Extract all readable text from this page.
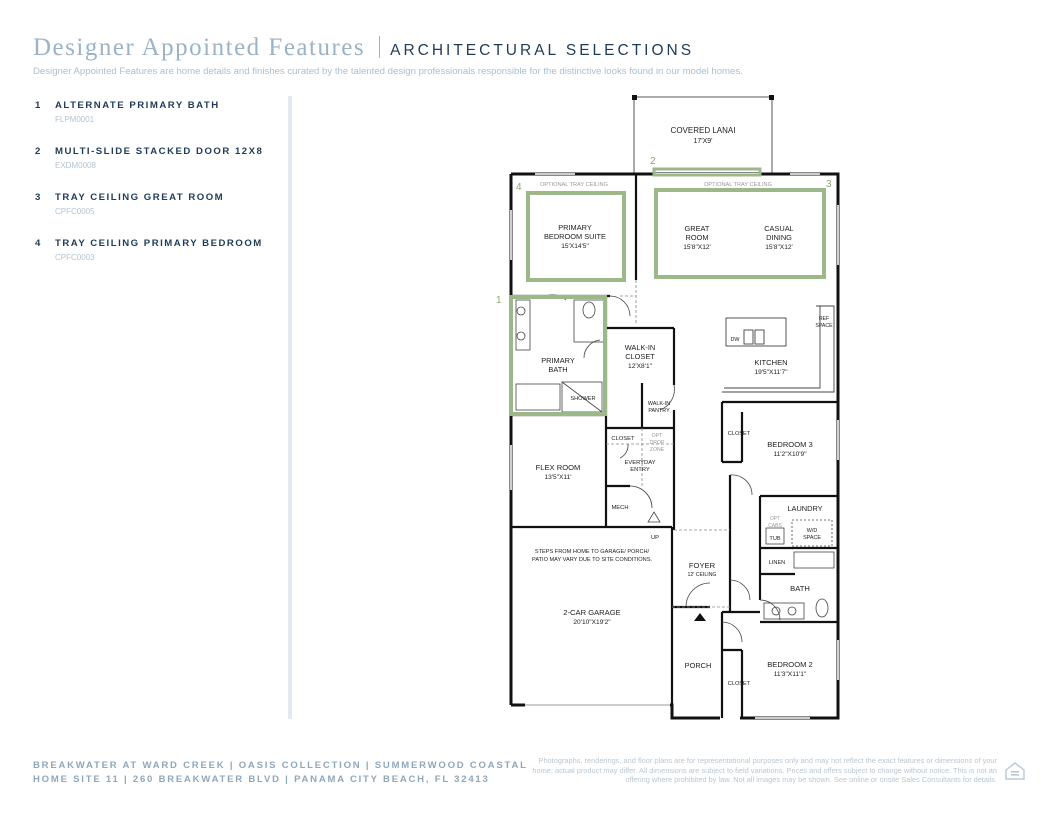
Designer Appointed Features ARCHITECTURAL SELECTIONS
Designer Appointed Features are home details and finishes curated by the talented design professionals responsible for the distinctive looks found in our model homes.
1 ALTERNATE PRIMARY BATH
FLPM0001
2 MULTI-SLIDE STACKED DOOR 12X8
EXDM0008
3 TRAY CEILING GREAT ROOM
CPFC0005
4 TRAY CEILING PRIMARY BEDROOM
CPFC0003
COVERED LANAI
17'X9'
1
2
3
4	OPTIONAL TRAY CEILING	OPTIONAL TRAY CEILING
PRIMARY
BEDROOM SUITE
15'X14'5"
GREAT
ROOM
15'8"X12'
CASUAL
DINING
15'8"X12'
REF
SPACE
DW
KITCHEN
19'5"X11'7"
PRIMARY
BATH
SHOWER
WALK-IN
CLOSET
12'X8'1"
WALK-IN
PANTRY
CLOSET	OPT
DROP
ZONE
EVERYDAY
ENTRY
FLEX ROOM
13'5"X11'
MECH
UP
BEDROOM 3
11'2"X10'9"
CLOSET
LAUNDRY
OPT
CABS
TUB
W/D
SPACE
LINEN
BATH
FOYER
12' CEILING
STEPS FROM HOME TO GARAGE/ PORCH/
PATIO MAY VARY DUE TO SITE CONDITIONS.
2-CAR GARAGE
20'10"X19'2"
PORCH	BEDROOM 2
11'3"X11'1"
CLOSET
BREAKWATER AT WARD CREEK | OASIS COLLECTION | SUMMERWOOD COASTAL
HOME SITE 11 | 260 BREAKWATER BLVD | PANAMA CITY BEACH, FL 32413
Photographs, renderings, and floor plans are for representational purposes only and may not reflect the exact features or dimensions of your home; actual product may differ. All dimensions are subject to field variations. Prices and offers subject to change without notice. This is not an offering where prohibited by law. Not all images may be shown. See online or onsite Sales Consultants for details.
